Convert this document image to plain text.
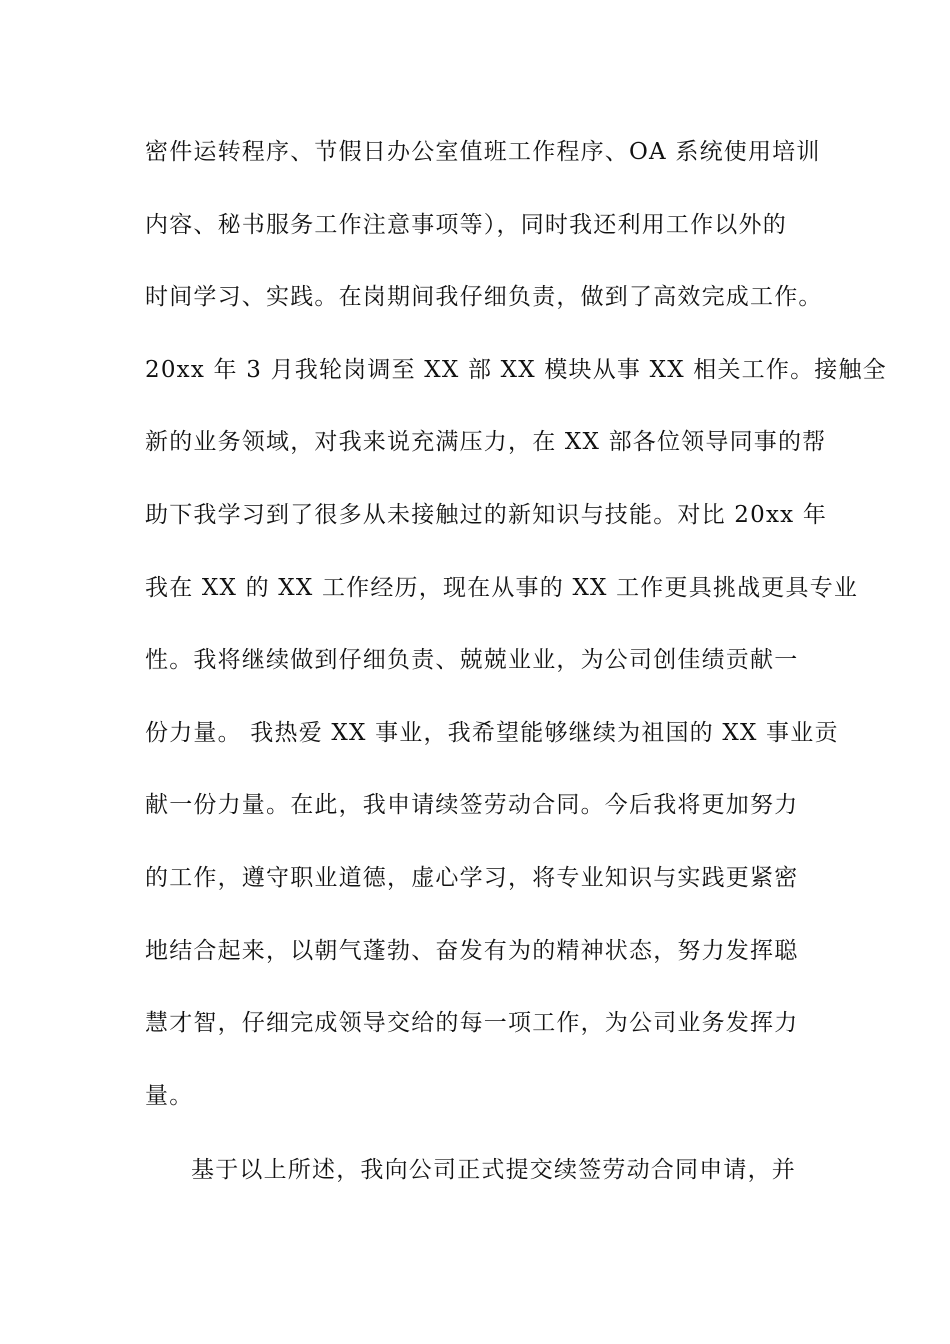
密件运转程序、节假日办公室值班工作程序、OA 系统使用培训
内容、秘书服务工作注意事项等），同时我还利用工作以外的
时间学习、实践。在岗期间我仔细负责，做到了高效完成工作。
20xx 年 3 月我轮岗调至 XX 部 XX 模块从事 XX 相关工作。接触全
新的业务领域，对我来说充满压力，在 XX 部各位领导同事的帮
助下我学习到了很多从未接触过的新知识与技能。对比 20xx 年
我在 XX 的 XX 工作经历，现在从事的 XX 工作更具挑战更具专业
性。我将继续做到仔细负责、兢兢业业，为公司创佳绩贡献一
份力量。 我热爱 XX 事业，我希望能够继续为祖国的 XX 事业贡
献一份力量。在此，我申请续签劳动合同。今后我将更加努力
的工作，遵守职业道德，虚心学习，将专业知识与实践更紧密
地结合起来，以朝气蓬勃、奋发有为的精神状态，努力发挥聪
慧才智，仔细完成领导交给的每一项工作，为公司业务发挥力
量。
基于以上所述，我向公司正式提交续签劳动合同申请，并
